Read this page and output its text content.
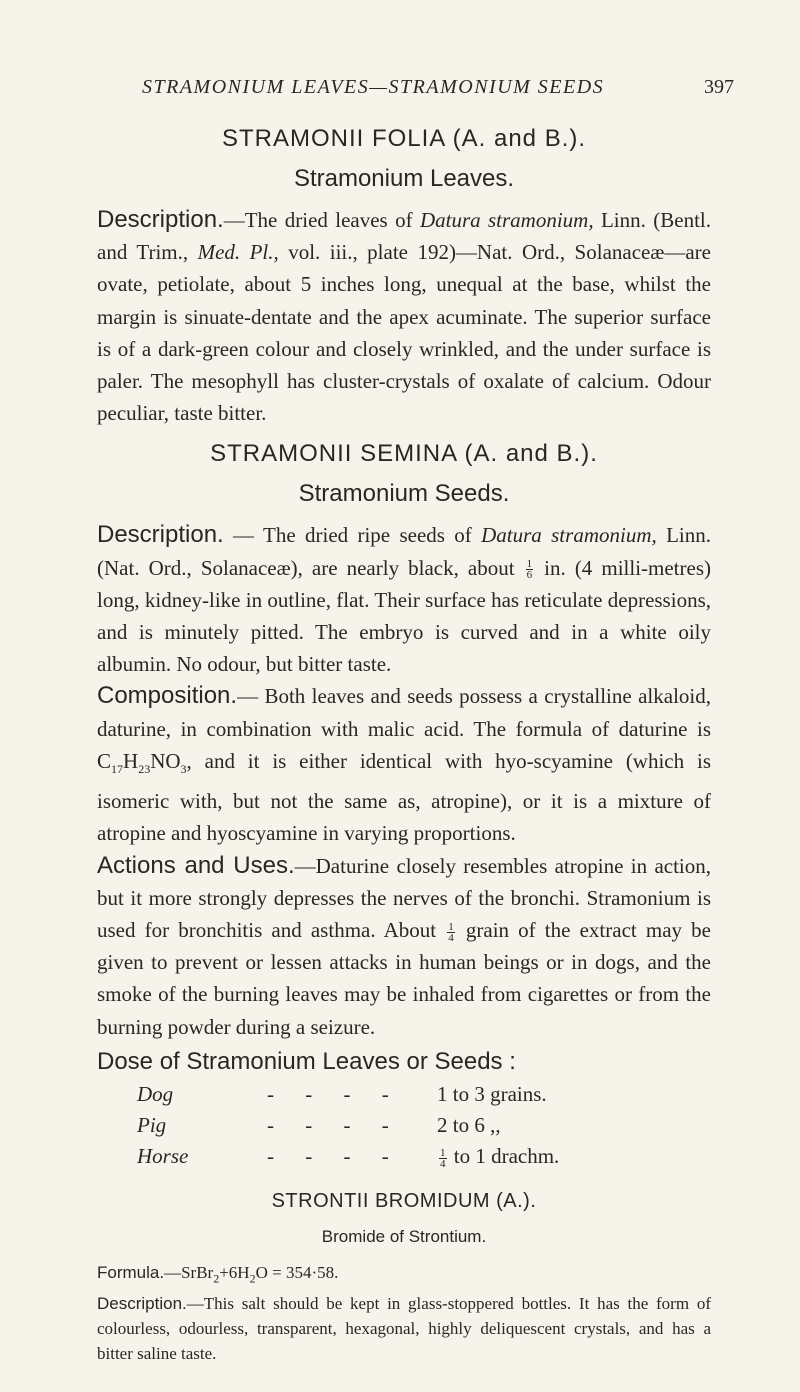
STRAMONIUM LEAVES—STRAMONIUM SEEDS	397
STRAMONII FOLIA (A. and B.).
Stramonium Leaves.

Description.—The dried leaves of Datura stramonium, Linn. (Bentl. and Trim., Med. Pl., vol. iii., plate 192)—Nat. Ord., Solanaceæ—are ovate, petiolate, about 5 inches long, unequal at the base, whilst the margin is sinuate-dentate and the apex acuminate. The superior surface is of a dark-green colour and closely wrinkled, and the under surface is paler. The mesophyll has cluster-crystals of oxalate of calcium. Odour peculiar, taste bitter.

STRAMONII SEMINA (A. and B.).
Stramonium Seeds.

Description. — The dried ripe seeds of Datura stramonium, Linn. (Nat. Ord., Solanaceæ), are nearly black, about $\frac{1}{6}$ in. (4 milli-metres) long, kidney-like in outline, flat. Their surface has reticulate depressions, and is minutely pitted. The embryo is curved and in a white oily albumin. No odour, but bitter taste.

Composition.— Both leaves and seeds possess a crystalline alkaloid, daturine, in combination with malic acid. The formula of daturine is $C_{17}H_{23}NO_3$, and it is either identical with hyo-scyamine (which is isomeric with, but not the same as, atropine), or it is a mixture of atropine and hyoscyamine in varying proportions.

Actions and Uses.—Daturine closely resembles atropine in action, but it more strongly depresses the nerves of the bronchi. Stramonium is used for bronchitis and asthma. About $\frac{1}{4}$ grain of the extract may be given to prevent or lessen attacks in human beings or in dogs, and the smoke of the burning leaves may be inhaled from cigarettes or from the burning powder during a seizure.

Dose of Stramonium Leaves or Seeds :
Dog	- - - -	1 to 3 grains.
Pig	- - - -	2 to 6 ,,
Horse	- - - -	$\frac{1}{4}$ to 1 drachm.
STRONTII BROMIDUM (A.).
Bromide of Strontium.

$Formula.—SrBr_2+6H_2O = 354\cdot 58$.

Description.—This salt should be kept in glass-stoppered bottles. It has the form of colourless, odourless, transparent, hexagonal, highly deliquescent crystals, and has a bitter saline taste.
